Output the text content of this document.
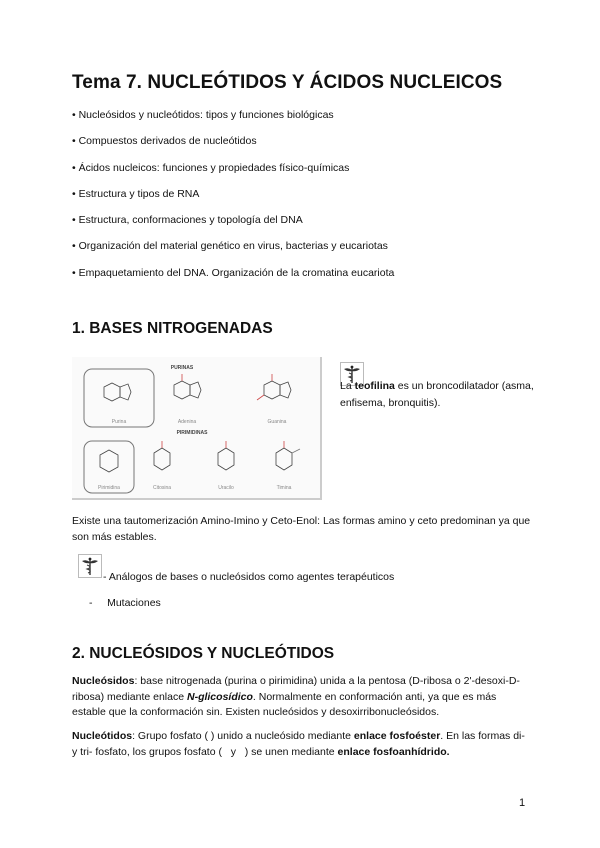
Tema 7. NUCLEÓTIDOS Y ÁCIDOS NUCLEICOS
• Nucleósidos y nucleótidos: tipos y funciones biológicas
• Compuestos derivados de nucleótidos
• Ácidos nucleicos: funciones y propiedades físico-químicas
• Estructura y tipos de RNA
• Estructura, conformaciones y topología del DNA
• Organización del material genético en virus, bacterias y eucariotas
• Empaquetamiento del DNA. Organización de la cromatina eucariota
1. BASES NITROGENADAS
PURINAS
PIRIMIDINAS
Purina	Adenina	Guanina
Pirimidina	Citosina	Uracilo	Timina
La teofilina es un broncodilatador (asma, enfisema, bronquitis).

Existe una tautomerización Amino-Imino y Ceto-Enol: Las formas amino y ceto predominan ya que son más estables.

- Análogos de bases o nucleósidos como agentes terapéuticos
-     Mutaciones
2. NUCLEÓSIDOS Y NUCLEÓTIDOS

Nucleósidos: base nitrogenada (purina o pirimidina) unida a la pentosa (D-ribosa o 2'-desoxi-D-ribosa) mediante enlace N-glicosídico. Normalmente en conformación anti, ya que es más estable que la conformación sin. Existen nucleósidos y desoxirribonucleósidos.

Nucleótidos: Grupo fosfato ( ) unido a nucleósido mediante enlace fosfoéster. En las formas di- y tri- fosfato, los grupos fosfato (   y   ) se unen mediante enlace fosfoanhídrido.

1
